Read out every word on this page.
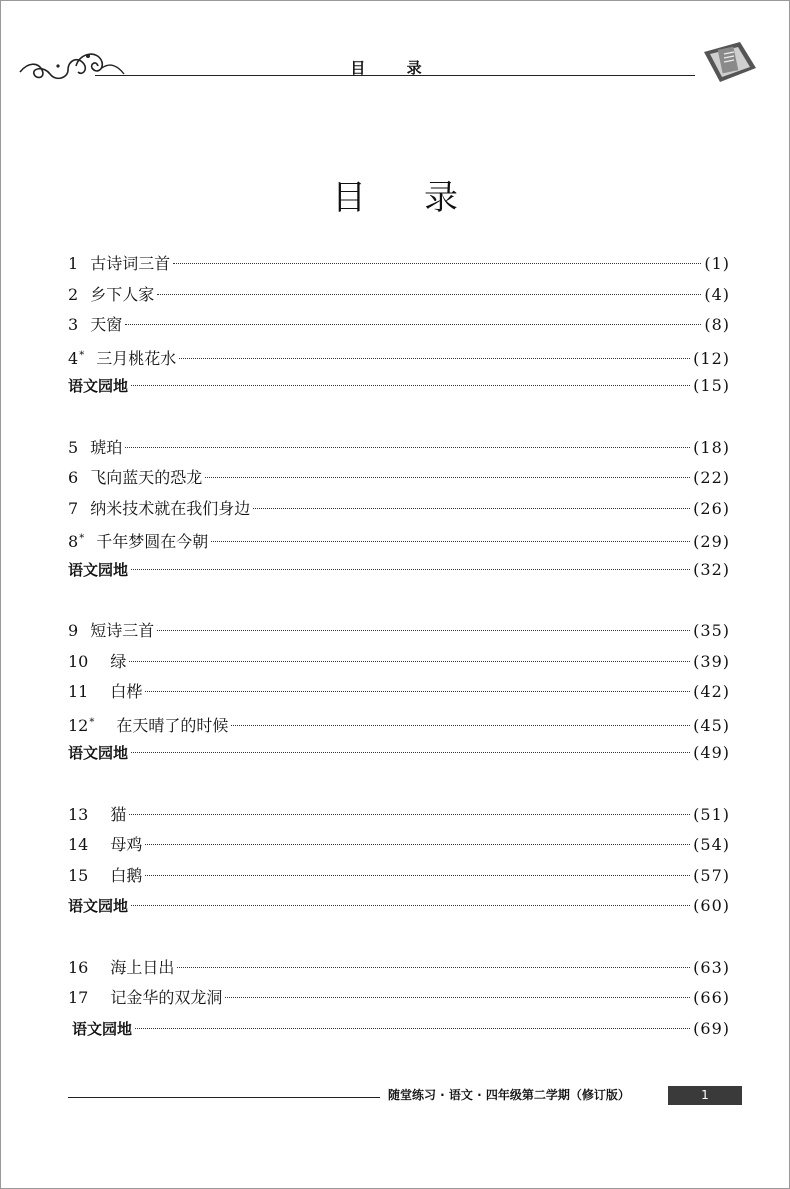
目 录
目录
1 古诗词三首	(1)
2 乡下人家	(4)
3 天窗	(8)
4* 三月桃花水	(12)
语文园地	(15)
5 琥珀	(18)
6 飞向蓝天的恐龙	(22)
7 纳米技术就在我们身边	(26)
8* 千年梦圆在今朝	(29)
语文园地	(32)
9 短诗三首	(35)
10 绿	(39)
11 白桦	(42)
12* 在天晴了的时候	(45)
语文园地	(49)
13 猫	(51)
14 母鸡	(54)
15 白鹅	(57)
语文园地	(60)
16 海上日出	(63)
17 记金华的双龙洞	(66)
语文园地	(69)
随堂练习 · 语文 · 四年级第二学期（修订版）	1
